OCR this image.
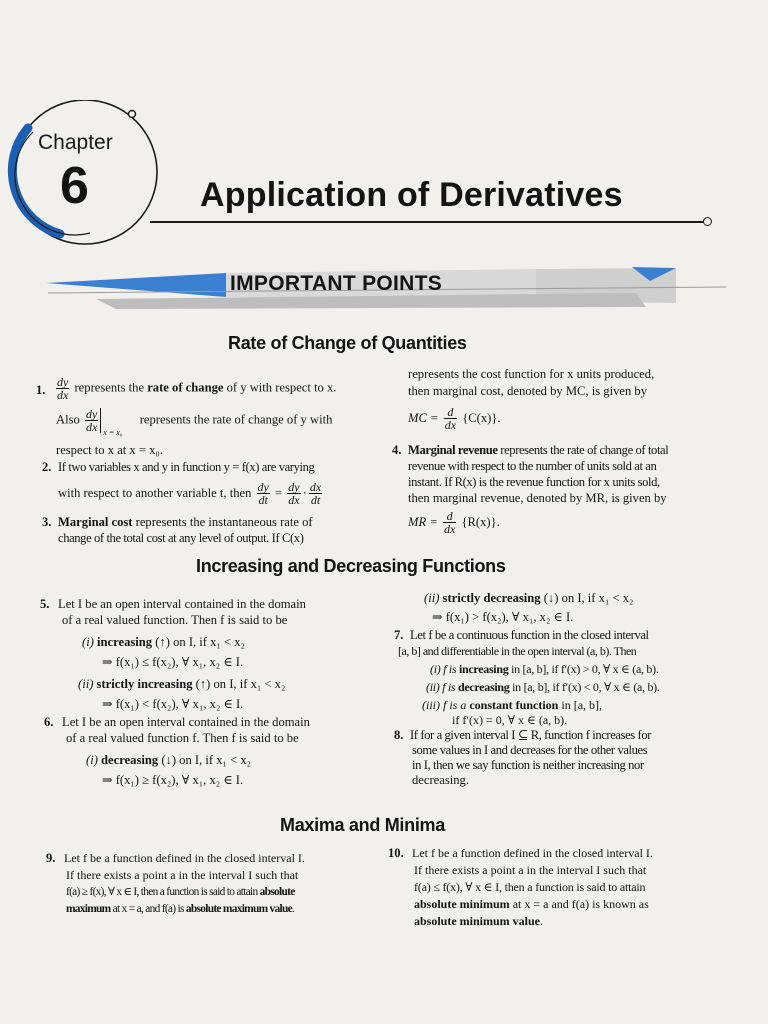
Chapter
6	Application of Derivatives
IMPORTANT POINTS
Rate of Change of Quantities
1. $\frac{dy}{dx}$ represents the rate of change of y with respect to x.
Also $\frac{dy}{dx} _{x = x_0}$ represents the rate of change of y with
respect to x at x = x₀.
2. If two variables x and y in function y = f(x) are varying
with respect to another variable t, then $\frac{dy}{dt} = \frac{dy}{dx} \cdot \frac{dx}{dt}$
3. Marginal cost represents the instantaneous rate of
change of the total cost at any level of output. If C(x)
represents the cost function for x units produced,
then marginal cost, denoted by MC, is given by
MC = $\frac{d}{dx} \{C(x)\}$.
4. Marginal revenue represents the rate of change of total
revenue with respect to the number of units sold at an
instant. If R(x) is the revenue function for x units sold,
then marginal revenue, denoted by MR, is given by
MR = $\frac{d}{dx} \{R(x)\}$.
Increasing and Decreasing Functions
5. Let I be an open interval contained in the domain
of a real valued function. Then f is said to be
(i) increasing (↑) on I, if x₁ < x₂
⇒ f(x₁) ≤ f(x₂), ∀ x₁, x₂ ∈ I.
(ii) strictly increasing (↑) on I, if x₁ < x₂
⇒ f(x₁) < f(x₂), ∀ x₁, x₂ ∈ I.
6. Let I be an open interval contained in the domain
of a real valued function f. Then f is said to be
(i) decreasing (↓) on I, if x₁ < x₂
⇒ f(x₁) ≥ f(x₂), ∀ x₁, x₂ ∈ I.
(ii) strictly decreasing (↓) on I, if x₁ < x₂
⇒ f(x₁) > f(x₂), ∀ x₁, x₂ ∈ I.
7. Let f be a continuous function in the closed interval
[a, b] and differentiable in the open interval (a, b). Then
(i) f is increasing in [a, b], if f′(x) > 0, ∀ x ∈ (a, b).
(ii) f is decreasing in [a, b], if f′(x) < 0, ∀ x ∈ (a, b).
(iii) f is a constant function in [a, b],
if f′(x) = 0, ∀ x ∈ (a, b).
8. If for a given interval I ⊆ R, function f increases for
some values in I and decreases for the other values
in I, then we say function is neither increasing nor
decreasing.
Maxima and Minima
9. Let f be a function defined in the closed interval I.
If there exists a point a in the interval I such that
f(a) ≥ f(x), ∀ x ∈ I, then a function is said to attain absolute
maximum at x = a, and f(a) is absolute maximum value.
10. Let f be a function defined in the closed interval I.
If there exists a point a in the interval I such that
f(a) ≤ f(x), ∀ x ∈ I, then a function is said to attain
absolute minimum at x = a and f(a) is known as
absolute minimum value.
